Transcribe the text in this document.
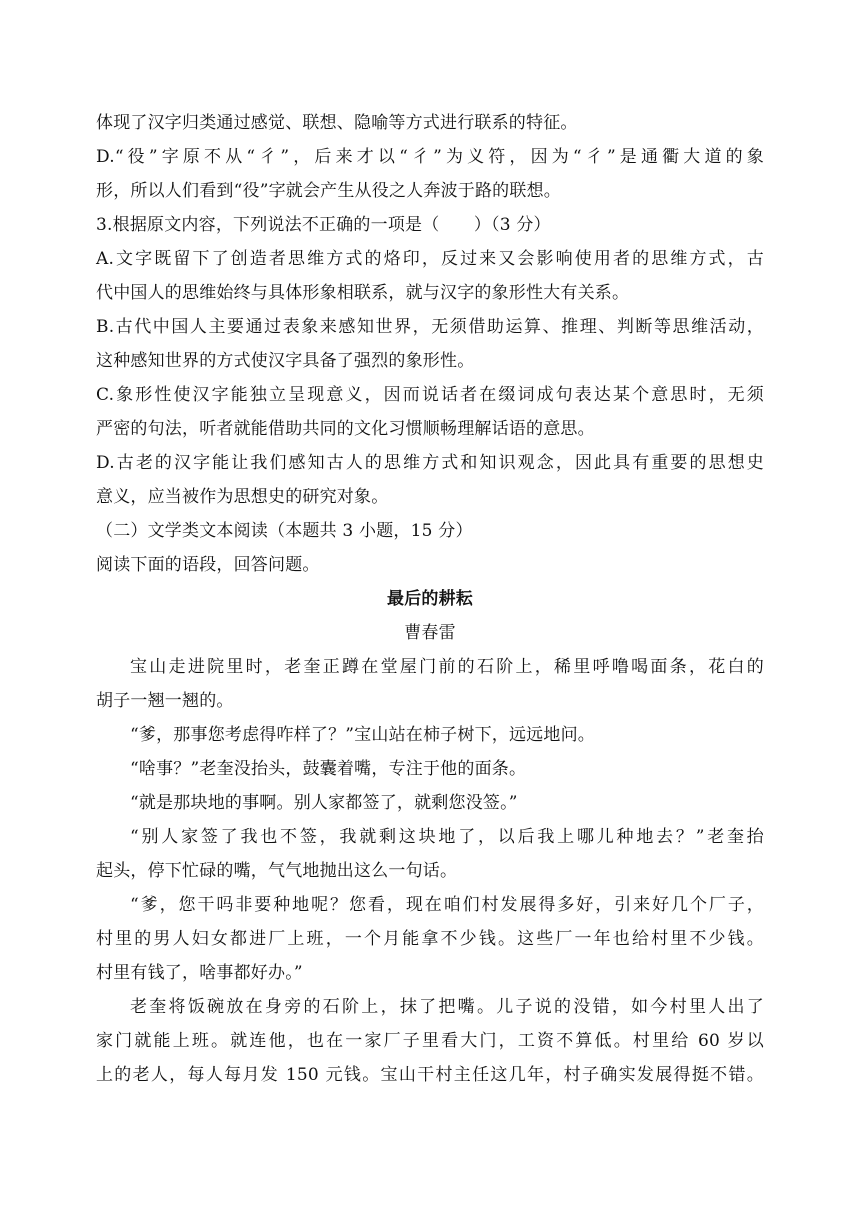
体现了汉字归类通过感觉、联想、隐喻等方式进行联系的特征。

D.“役”字原不从“彳”，后来才以“彳”为义符，因为“彳”是通衢大道的象

形，所以人们看到“役”字就会产生从役之人奔波于路的联想。

3.根据原文内容，下列说法不正确的一项是（　　）（3 分）

A.文字既留下了创造者思维方式的烙印，反过来又会影响使用者的思维方式，古

代中国人的思维始终与具体形象相联系，就与汉字的象形性大有关系。

B.古代中国人主要通过表象来感知世界，无须借助运算、推理、判断等思维活动，

这种感知世界的方式使汉字具备了强烈的象形性。

C.象形性使汉字能独立呈现意义，因而说话者在缀词成句表达某个意思时，无须

严密的句法，听者就能借助共同的文化习惯顺畅理解话语的意思。

D.古老的汉字能让我们感知古人的思维方式和知识观念，因此具有重要的思想史

意义，应当被作为思想史的研究对象。

（二）文学类文本阅读（本题共 3 小题，15 分）

阅读下面的语段，回答问题。

最后的耕耘

曹春雷

宝山走进院里时，老奎正蹲在堂屋门前的石阶上，稀里呼噜喝面条，花白的

胡子一翘一翘的。

“爹，那事您考虑得咋样了？”宝山站在柿子树下，远远地问。

“啥事？”老奎没抬头，鼓囊着嘴，专注于他的面条。

“就是那块地的事啊。别人家都签了，就剩您没签。”

“别人家签了我也不签，我就剩这块地了，以后我上哪儿种地去？”老奎抬

起头，停下忙碌的嘴，气气地抛出这么一句话。

“爹，您干吗非要种地呢？您看，现在咱们村发展得多好，引来好几个厂子，

村里的男人妇女都进厂上班，一个月能拿不少钱。这些厂一年也给村里不少钱。

村里有钱了，啥事都好办。”

老奎将饭碗放在身旁的石阶上，抹了把嘴。儿子说的没错，如今村里人出了

家门就能上班。就连他，也在一家厂子里看大门，工资不算低。村里给 60 岁以

上的老人，每人每月发 150 元钱。宝山干村主任这几年，村子确实发展得挺不错。
